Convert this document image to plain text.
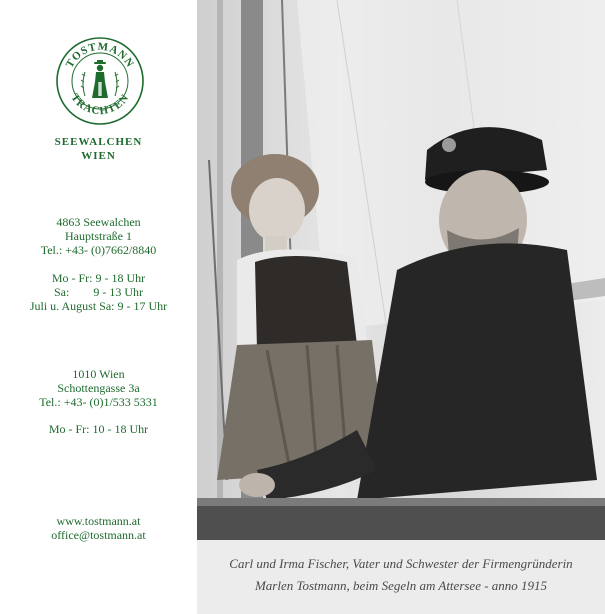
TOSTMANN
TRACHTEN
SEEWALCHEN
WIEN
4863 Seewalchen
Hauptstraße 1
Tel.: +43- (0)7662/8840
Mo - Fr: 9 - 18 Uhr
Sa:        9 - 13 Uhr
Juli u. August Sa: 9 - 17 Uhr
1010 Wien
Schottengasse 3a
Tel.: +43- (0)1/533 5331
Mo - Fr: 10 - 18 Uhr
www.tostmann.at
office@tostmann.at
Carl und Irma Fischer, Vater und Schwester der Firmengründerin
Marlen Tostmann, beim Segeln am Attersee - anno 1915
